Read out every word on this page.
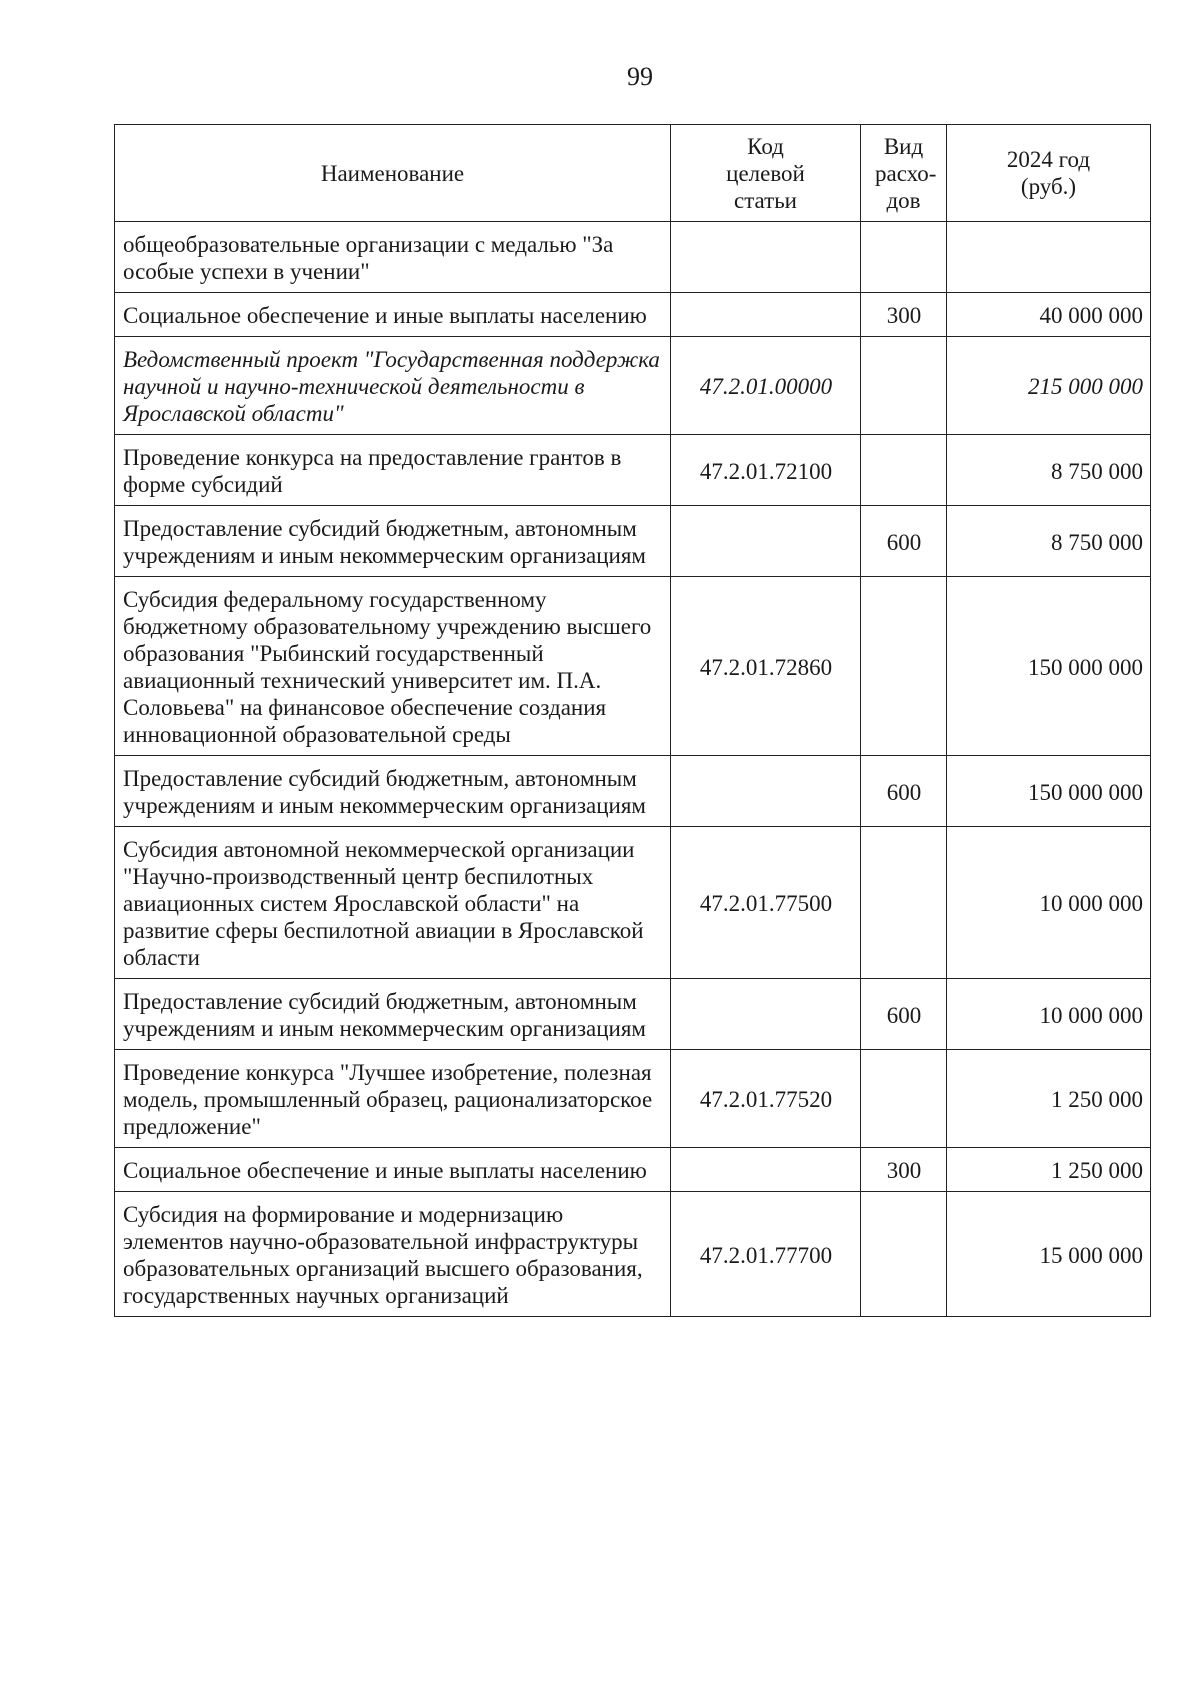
99
Наименование	Код целевой статьи	Вид расхо-дов	2024 год (руб.)
общеобразовательные организации с медалью "За особые успехи в учении"			
Социальное обеспечение и иные выплаты населению		300	40 000 000
Ведомственный проект "Государственная поддержка научной и научно-технической деятельности в Ярославской области"	47.2.01.00000		215 000 000
Проведение конкурса на предоставление грантов в форме субсидий	47.2.01.72100		8 750 000
Предоставление субсидий бюджетным, автономным учреждениям и иным некоммерческим организациям		600	8 750 000
Субсидия федеральному государственному бюджетному образовательному учреждению высшего образования "Рыбинский государственный авиационный технический университет им. П.А. Соловьева" на финансовое обеспечение создания инновационной образовательной среды	47.2.01.72860		150 000 000
Предоставление субсидий бюджетным, автономным учреждениям и иным некоммерческим организациям		600	150 000 000
Субсидия автономной некоммерческой организации "Научно-производственный центр беспилотных авиационных систем Ярославской области" на развитие сферы беспилотной авиации в Ярославской области	47.2.01.77500		10 000 000
Предоставление субсидий бюджетным, автономным учреждениям и иным некоммерческим организациям		600	10 000 000
Проведение конкурса "Лучшее изобретение, полезная модель, промышленный образец, рационализаторское предложение"	47.2.01.77520		1 250 000
Социальное обеспечение и иные выплаты населению		300	1 250 000
Субсидия на формирование и модернизацию элементов научно-образовательной инфраструктуры образовательных организаций высшего образования, государственных научных организаций	47.2.01.77700		15 000 000
